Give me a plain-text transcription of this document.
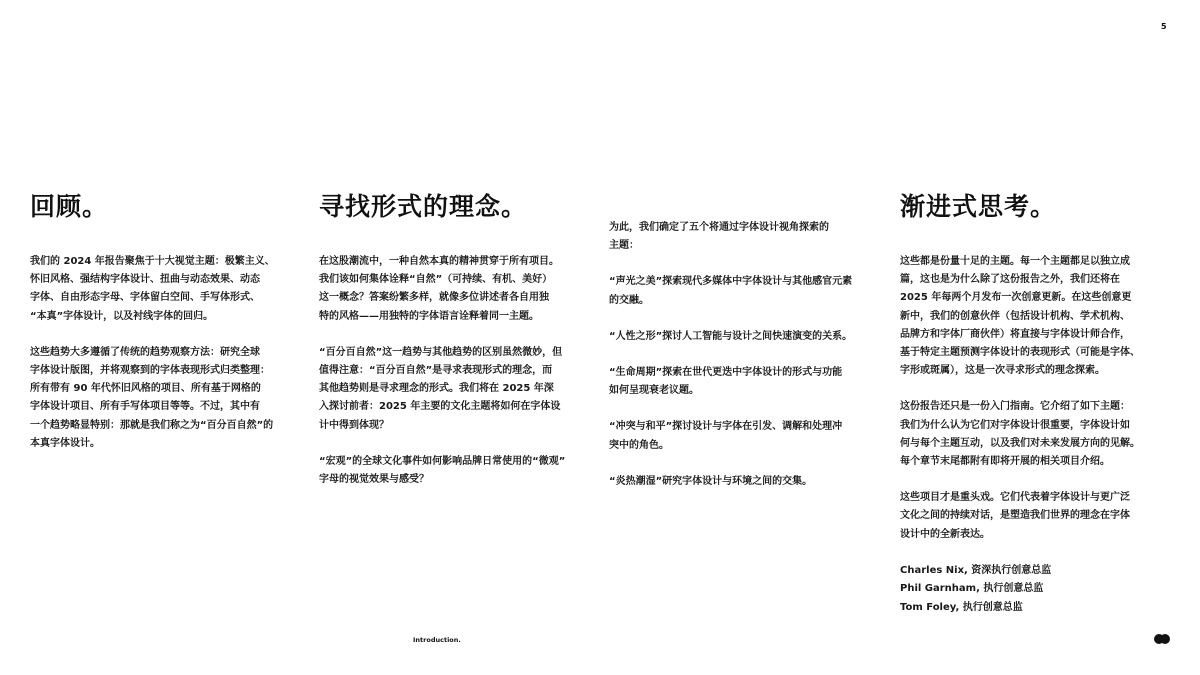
5
回顾。
我们的 2024 年报告聚焦于十大视觉主题：极繁主义、
怀旧风格、强结构字体设计、扭曲与动态效果、动态
字体、自由形态字母、字体留白空间、手写体形式、
“本真”字体设计，以及衬线字体的回归。
这些趋势大多遵循了传统的趋势观察方法：研究全球
字体设计版图，并将观察到的字体表现形式归类整理：
所有带有 90 年代怀旧风格的项目、所有基于网格的
字体设计项目、所有手写体项目等等。不过，其中有
一个趋势略显特别：那就是我们称之为“百分百自然”的
本真字体设计。
寻找形式的理念。
在这股潮流中，一种自然本真的精神贯穿于所有项目。
我们该如何集体诠释“自然”（可持续、有机、美好）
这一概念？答案纷繁多样，就像多位讲述者各自用独
特的风格——用独特的字体语言诠释着同一主题。
“百分百自然”这一趋势与其他趋势的区别虽然微妙，但
值得注意：“百分百自然”是寻求表现形式的理念，而
其他趋势则是寻求理念的形式。我们将在 2025 年深
入探讨前者：2025 年主要的文化主题将如何在字体设
计中得到体现？
“宏观”的全球文化事件如何影响品牌日常使用的“微观”
字母的视觉效果与感受？
为此，我们确定了五个将通过字体设计视角探索的
主题：
“声光之美”探索现代多媒体中字体设计与其他感官元素
的交融。
“人性之形”探讨人工智能与设计之间快速演变的关系。
“生命周期”探索在世代更迭中字体设计的形式与功能
如何呈现衰老议题。
“冲突与和平”探讨设计与字体在引发、调解和处理冲
突中的角色。
“炎热潮湿”研究字体设计与环境之间的交集。
渐进式思考。
这些都是份量十足的主题。每一个主题都足以独立成
篇，这也是为什么除了这份报告之外，我们还将在
2025 年每两个月发布一次创意更新。在这些创意更
新中，我们的创意伙伴（包括设计机构、学术机构、
品牌方和字体厂商伙伴）将直接与字体设计师合作，
基于特定主题预测字体设计的表现形式（可能是字体、
字形或斑属），这是一次寻求形式的理念探索。
这份报告还只是一份入门指南。它介绍了如下主题：
我们为什么认为它们对字体设计很重要，字体设计如
何与每个主题互动，以及我们对未来发展方向的见解。
每个章节末尾都附有即将开展的相关项目介绍。
这些项目才是重头戏。它们代表着字体设计与更广泛
文化之间的持续对话，是塑造我们世界的理念在字体
设计中的全新表达。
Charles Nix, 资深执行创意总监
Phil Garnham, 执行创意总监
Tom Foley, 执行创意总监
Introduction.
